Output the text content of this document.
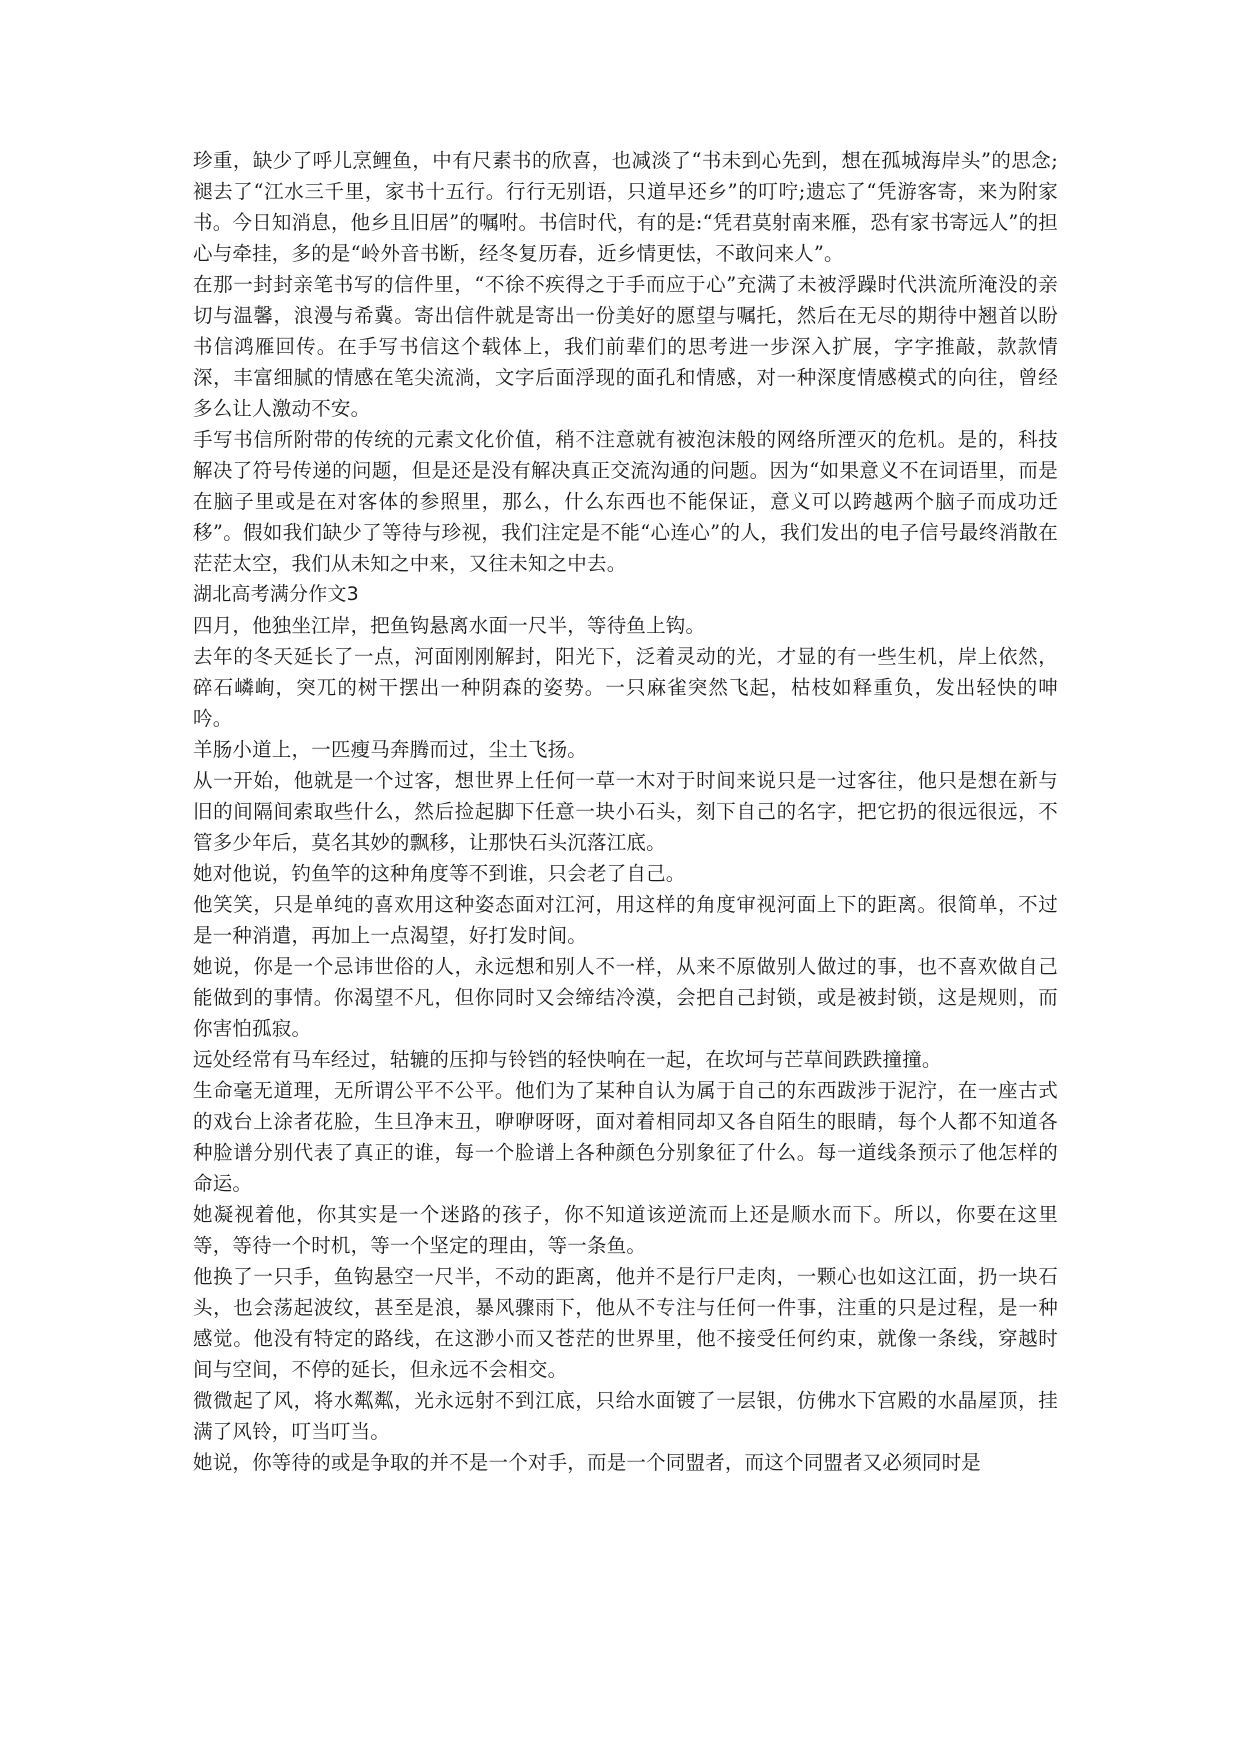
珍重，缺少了呼儿烹鲤鱼，中有尺素书的欣喜，也减淡了“书未到心先到，想在孤城海岸头”的思念;褪去了“江水三千里，家书十五行。行行无别语，只道早还乡”的叮咛;遗忘了“凭游客寄，来为附家书。今日知消息，他乡且旧居”的嘱咐。书信时代，有的是:“凭君莫射南来雁，恐有家书寄远人”的担心与牵挂，多的是“岭外音书断，经冬复历春，近乡情更怯，不敢问来人”。

在那一封封亲笔书写的信件里，“不徐不疾得之于手而应于心”充满了未被浮躁时代洪流所淹没的亲切与温馨，浪漫与希冀。寄出信件就是寄出一份美好的愿望与嘱托，然后在无尽的期待中翘首以盼书信鸿雁回传。在手写书信这个载体上，我们前辈们的思考进一步深入扩展，字字推敲，款款情深，丰富细腻的情感在笔尖流淌，文字后面浮现的面孔和情感，对一种深度情感模式的向往，曾经多么让人激动不安。

手写书信所附带的传统的元素文化价值，稍不注意就有被泡沫般的网络所湮灭的危机。是的，科技解决了符号传递的问题，但是还是没有解决真正交流沟通的问题。因为“如果意义不在词语里，而是在脑子里或是在对客体的参照里，那么，什么东西也不能保证，意义可以跨越两个脑子而成功迁移”。假如我们缺少了等待与珍视，我们注定是不能“心连心”的人，我们发出的电子信号最终消散在茫茫太空，我们从未知之中来，又往未知之中去。

湖北高考满分作文3

四月，他独坐江岸，把鱼钩悬离水面一尺半，等待鱼上钩。

去年的冬天延长了一点，河面刚刚解封，阳光下，泛着灵动的光，才显的有一些生机，岸上依然，碎石嶙峋，突兀的树干摆出一种阴森的姿势。一只麻雀突然飞起，枯枝如释重负，发出轻快的呻吟。

羊肠小道上，一匹瘦马奔腾而过，尘土飞扬。

从一开始，他就是一个过客，想世界上任何一草一木对于时间来说只是一过客往，他只是想在新与旧的间隔间索取些什么，然后捡起脚下任意一块小石头，刻下自己的名字，把它扔的很远很远，不管多少年后，莫名其妙的飘移，让那快石头沉落江底。

她对他说，钓鱼竿的这种角度等不到谁，只会老了自己。

他笑笑，只是单纯的喜欢用这种姿态面对江河，用这样的角度审视河面上下的距离。很简单，不过是一种消遣，再加上一点渴望，好打发时间。

她说，你是一个忌讳世俗的人，永远想和别人不一样，从来不原做别人做过的事，也不喜欢做自己能做到的事情。你渴望不凡，但你同时又会缔结冷漠，会把自己封锁，或是被封锁，这是规则，而你害怕孤寂。

远处经常有马车经过，轱辘的压抑与铃铛的轻快响在一起，在坎坷与芒草间跌跌撞撞。

生命毫无道理，无所谓公平不公平。他们为了某种自认为属于自己的东西跋涉于泥泞，在一座古式的戏台上涂者花脸，生旦净末丑，咿咿呀呀，面对着相同却又各自陌生的眼睛，每个人都不知道各种脸谱分别代表了真正的谁，每一个脸谱上各种颜色分别象征了什么。每一道线条预示了他怎样的命运。

她凝视着他，你其实是一个迷路的孩子，你不知道该逆流而上还是顺水而下。所以，你要在这里等，等待一个时机，等一个坚定的理由，等一条鱼。

他换了一只手，鱼钩悬空一尺半，不动的距离，他并不是行尸走肉，一颗心也如这江面，扔一块石头，也会荡起波纹，甚至是浪，暴风骤雨下，他从不专注与任何一件事，注重的只是过程，是一种感觉。他没有特定的路线，在这渺小而又苍茫的世界里，他不接受任何约束，就像一条线，穿越时间与空间，不停的延长，但永远不会相交。

微微起了风，将水粼粼，光永远射不到江底，只给水面镀了一层银，仿佛水下宫殿的水晶屋顶，挂满了风铃，叮当叮当。

她说，你等待的或是争取的并不是一个对手，而是一个同盟者，而这个同盟者又必须同时是
